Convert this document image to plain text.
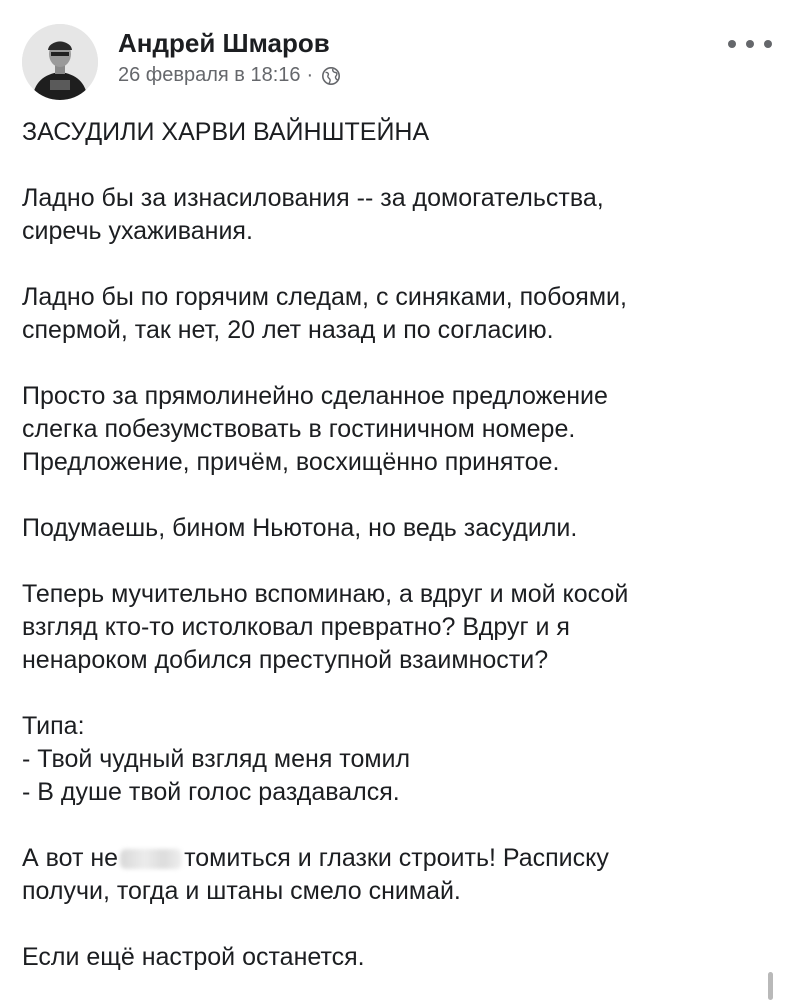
Андрей Шмаров
26 февраля в 18:16 ·
ЗАСУДИЛИ ХАРВИ ВАЙНШТЕЙНА
Ладно бы за изнасилования -- за домогательства,
сиречь ухаживания.
Ладно бы по горячим следам, с синяками, побоями,
спермой, так нет, 20 лет назад и по согласию.
Просто за прямолинейно сделанное предложение
слегка побезумствовать в гостиничном номере.
Предложение, причём, восхищённо принятое.
Подумаешь, бином Ньютона, но ведь засудили.
Теперь мучительно вспоминаю, а вдруг и мой косой
взгляд кто-то истолковал превратно? Вдруг и я
ненароком добился преступной взаимности?
Типа:
- Твой чудный взгляд меня томил
- В душе твой голос раздавался.
А вот не	томиться и глазки строить! Расписку
получи, тогда и штаны смело снимай.
Если ещё настрой останется.
